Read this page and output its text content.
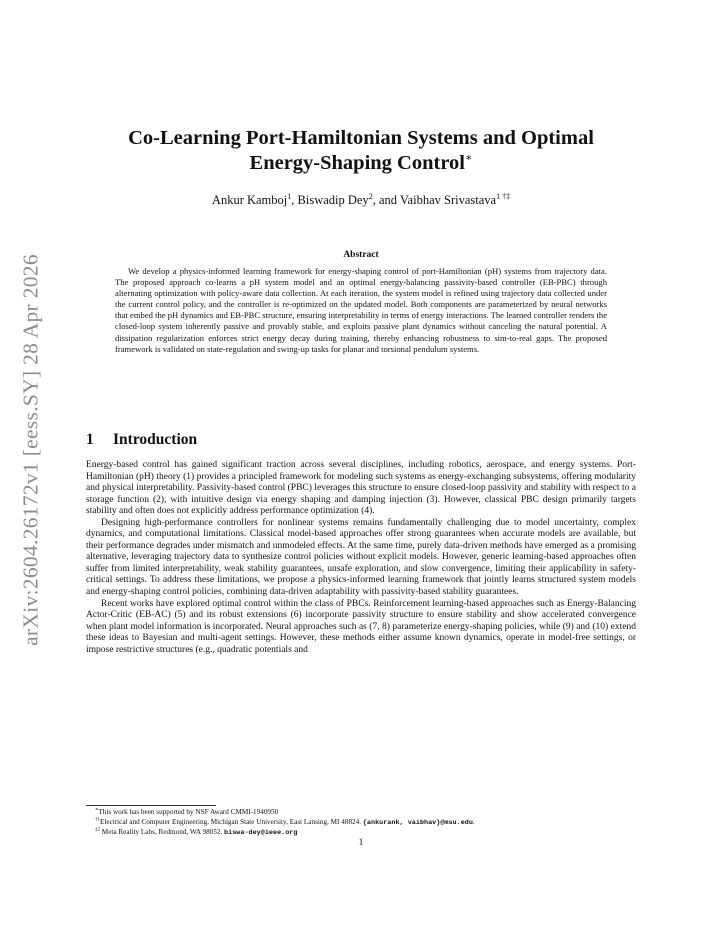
arXiv:2604.26172v1 [eess.SY] 28 Apr 2026
Co-Learning Port-Hamiltonian Systems and Optimal
Energy-Shaping Control∗
Ankur Kamboj$^1$, Biswadip Dey$^2$, and Vaibhav Srivastava$^{1 \dagger\ddagger}$
Abstract

We develop a physics-informed learning framework for energy-shaping control of port-Hamiltonian (pH) systems from trajectory data. The proposed approach co-learns a pH system model and an optimal energy-balancing passivity-based controller (EB-PBC) through alternating optimization with policy-aware data collection. At each iteration, the system model is refined using trajectory data collected under the current control policy, and the controller is re-optimized on the updated model. Both components are parameterized by neural networks that embed the pH dynamics and EB-PBC structure, ensuring interpretability in terms of energy interactions. The learned controller renders the closed-loop system inherently passive and provably stable, and exploits passive plant dynamics without canceling the natural potential. A dissipation regularization enforces strict energy decay during training, thereby enhancing robustness to sim-to-real gaps. The proposed framework is validated on state-regulation and swing-up tasks for planar and torsional pendulum systems.

1 Introduction

Energy-based control has gained significant traction across several disciplines, including robotics, aerospace, and energy systems. Port-Hamiltonian (pH) theory (1) provides a principled framework for modeling such systems as energy-exchanging subsystems, offering modularity and physical interpretability. Passivity-based control (PBC) leverages this structure to ensure closed-loop passivity and stability with respect to a storage function (2), with intuitive design via energy shaping and damping injection (3). However, classical PBC design primarily targets stability and often does not explicitly address performance optimization (4).

Designing high-performance controllers for nonlinear systems remains fundamentally challenging due to model uncertainty, complex dynamics, and computational limitations. Classical model-based approaches offer strong guarantees when accurate models are available, but their performance degrades under mismatch and unmodeled effects. At the same time, purely data-driven methods have emerged as a promising alternative, leveraging trajectory data to synthesize control policies without explicit models. However, generic learning-based approaches often suffer from limited interpretability, weak stability guarantees, unsafe exploration, and slow convergence, limiting their applicability in safety-critical settings. To address these limitations, we propose a physics-informed learning framework that jointly learns structured system models and energy-shaping control policies, combining data-driven adaptability with passivity-based stability guarantees.

Recent works have explored optimal control within the class of PBCs. Reinforcement learning-based approaches such as Energy-Balancing Actor-Critic (EB-AC) (5) and its robust extensions (6) incorporate passivity structure to ensure stability and show accelerated convergence when plant model information is incorporated. Neural approaches such as (7, 8) parameterize energy-shaping policies, while (9) and (10) extend these ideas to Bayesian and multi-agent settings. However, these methods either assume known dynamics, operate in model-free settings, or impose restrictive structures (e.g., quadratic potentials and

∗This work has been supported by NSF Award CMMI-1940950
$^{\dagger 1}$Electrical and Computer Engineering, Michigan State University, East Lansing, MI 48824. {ankurank, vaibhav}@msu.edu.
$^{\ddagger 2}$ Meta Reality Labs, Redmond, WA 98052. biswa-dey@ieee.org
1
